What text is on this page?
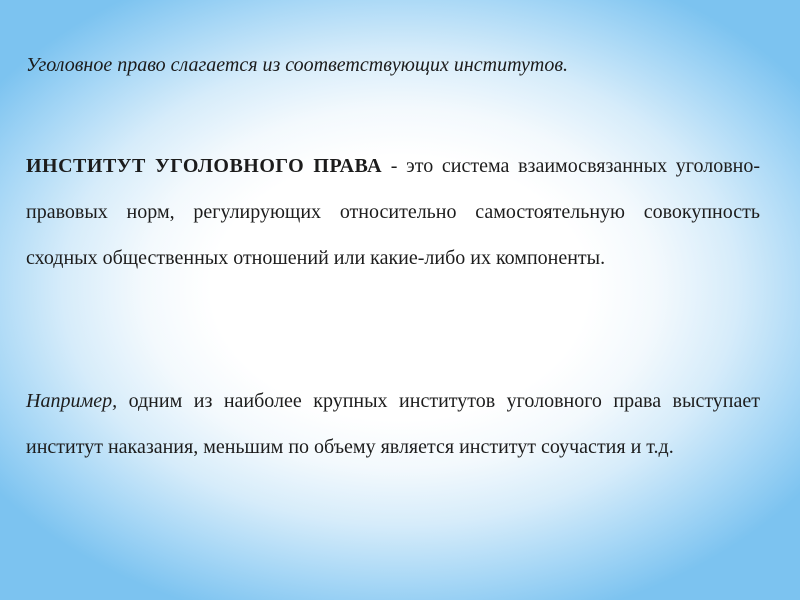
Уголовное право слагается из соответствующих институтов.

ИНСТИТУТ УГОЛОВНОГО ПРАВА - это система взаимосвязанных уголовно-правовых норм, регулирующих относительно самостоятельную совокупность сходных общественных отношений или какие-либо их компоненты.

Например, одним из наиболее крупных институтов уголовного права выступает институт наказания, меньшим по объему является институт соучастия и т.д.
